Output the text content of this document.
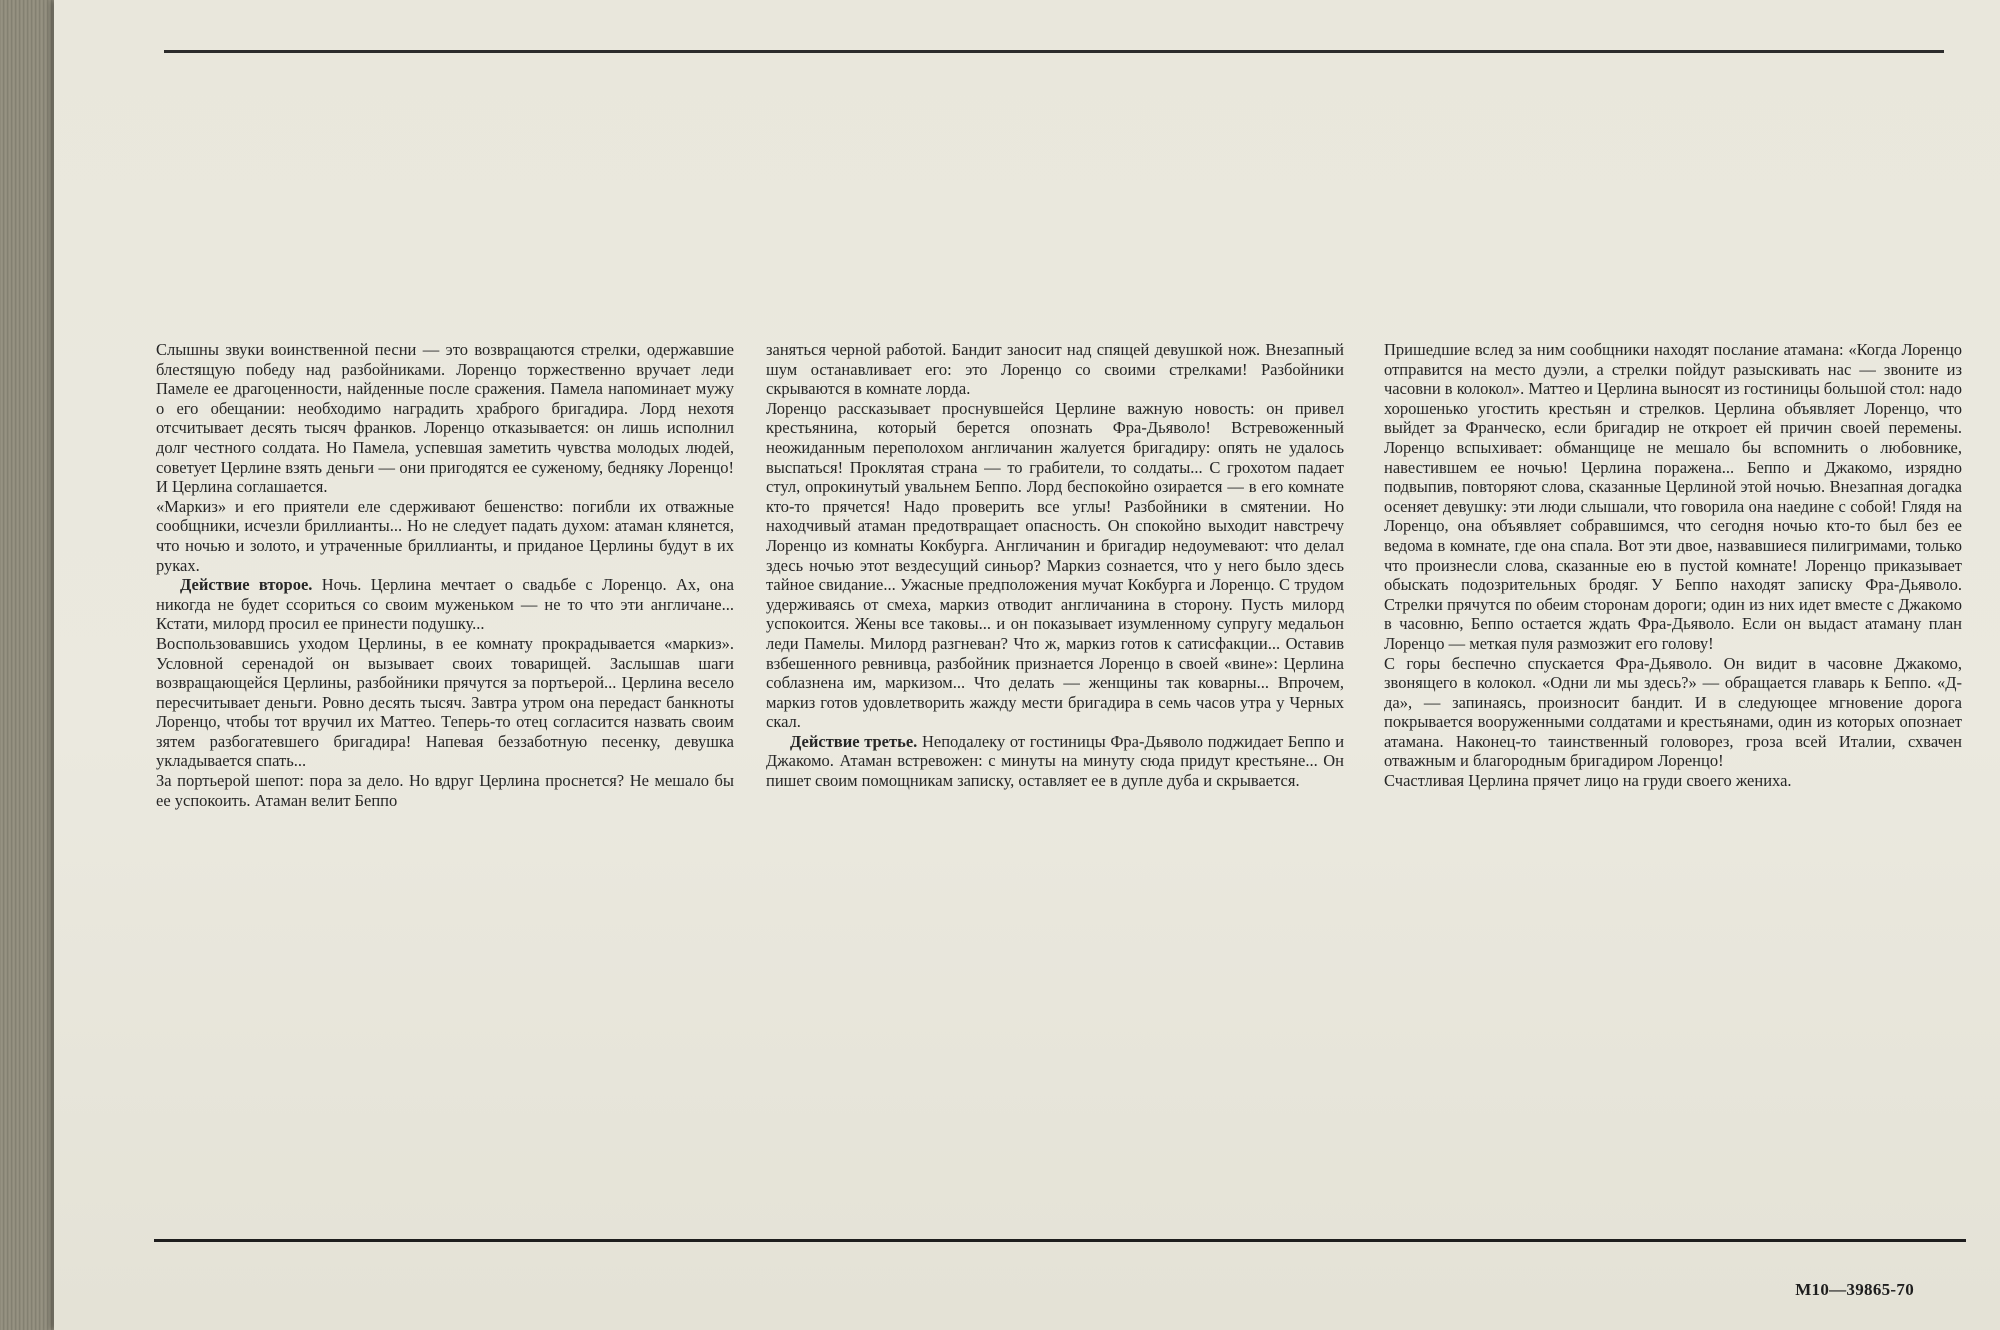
Слышны звуки воинственной песни — это возвращаются стрелки, одержавшие блестящую победу над разбойниками. Лоренцо торжественно вручает леди Памеле ее драгоценности, найденные после сражения. Памела напоминает мужу о его обещании: необходимо наградить храброго бригадира. Лорд нехотя отсчитывает десять тысяч франков. Лоренцо отказывается: он лишь исполнил долг честного солдата. Но Памела, успевшая заметить чувства молодых людей, советует Церлине взять деньги — они пригодятся ее суженому, бедняку Лоренцо! И Церлина соглашается.

«Маркиз» и его приятели еле сдерживают бешенство: погибли их отважные сообщники, исчезли бриллианты... Но не следует падать духом: атаман клянется, что ночью и золото, и утраченные бриллианты, и приданое Церлины будут в их руках.

Действие второе. Ночь. Церлина мечтает о свадьбе с Лоренцо. Ах, она никогда не будет ссориться со своим муженьком — не то что эти англичане... Кстати, милорд просил ее принести подушку...

Воспользовавшись уходом Церлины, в ее комнату прокрадывается «маркиз». Условной серенадой он вызывает своих товарищей. Заслышав шаги возвращающейся Церлины, разбойники прячутся за портьерой... Церлина весело пересчитывает деньги. Ровно десять тысяч. Завтра утром она передаст банкноты Лоренцо, чтобы тот вручил их Маттео. Теперь-то отец согласится назвать своим зятем разбогатевшего бригадира! Напевая беззаботную песенку, девушка укладывается спать...

За портьерой шепот: пора за дело. Но вдруг Церлина проснется? Не мешало бы ее успокоить. Атаман велит Беппо

заняться черной работой. Бандит заносит над спящей девушкой нож. Внезапный шум останавливает его: это Лоренцо со своими стрелками! Разбойники скрываются в комнате лорда.

Лоренцо рассказывает проснувшейся Церлине важную новость: он привел крестьянина, который берется опознать Фра-Дьяволо! Встревоженный неожиданным переполохом англичанин жалуется бригадиру: опять не удалось выспаться! Проклятая страна — то грабители, то солдаты... С грохотом падает стул, опрокинутый увальнем Беппо. Лорд беспокойно озирается — в его комнате кто-то прячется! Надо проверить все углы! Разбойники в смятении. Но находчивый атаман предотвращает опасность. Он спокойно выходит навстречу Лоренцо из комнаты Кокбурга. Англичанин и бригадир недоумевают: что делал здесь ночью этот вездесущий синьор? Маркиз сознается, что у него было здесь тайное свидание... Ужасные предположения мучат Кокбурга и Лоренцо. С трудом удерживаясь от смеха, маркиз отводит англичанина в сторону. Пусть милорд успокоится. Жены все таковы... и он показывает изумленному супругу медальон леди Памелы. Милорд разгневан? Что ж, маркиз готов к сатисфакции... Оставив взбешенного ревнивца, разбойник признается Лоренцо в своей «вине»: Церлина соблазнена им, маркизом... Что делать — женщины так коварны... Впрочем, маркиз готов удовлетворить жажду мести бригадира в семь часов утра у Черных скал.

Действие третье. Неподалеку от гостиницы Фра-Дьяволо поджидает Беппо и Джакомо. Атаман встревожен: с минуты на минуту сюда придут крестьяне... Он пишет своим помощникам записку, оставляет ее в дупле дуба и скрывается.

Пришедшие вслед за ним сообщники находят послание атамана: «Когда Лоренцо отправится на место дуэли, а стрелки пойдут разыскивать нас — звоните из часовни в колокол». Маттео и Церлина выносят из гостиницы большой стол: надо хорошенько угостить крестьян и стрелков. Церлина объявляет Лоренцо, что выйдет за Франческо, если бригадир не откроет ей причин своей перемены. Лоренцо вспыхивает: обманщице не мешало бы вспомнить о любовнике, навестившем ее ночью! Церлина поражена... Беппо и Джакомо, изрядно подвыпив, повторяют слова, сказанные Церлиной этой ночью. Внезапная догадка осеняет девушку: эти люди слышали, что говорила она наедине с собой! Глядя на Лоренцо, она объявляет собравшимся, что сегодня ночью кто-то был без ее ведома в комнате, где она спала. Вот эти двое, назвавшиеся пилигримами, только что произнесли слова, сказанные ею в пустой комнате! Лоренцо приказывает обыскать подозрительных бродяг. У Беппо находят записку Фра-Дьяволо. Стрелки прячутся по обеим сторонам дороги; один из них идет вместе с Джакомо в часовню, Беппо остается ждать Фра-Дьяволо. Если он выдаст атаману план Лоренцо — меткая пуля размозжит его голову!

С горы беспечно спускается Фра-Дьяволо. Он видит в часовне Джакомо, звонящего в колокол. «Одни ли мы здесь?» — обращается главарь к Беппо. «Д-да», — запинаясь, произносит бандит. И в следующее мгновение дорога покрывается вооруженными солдатами и крестьянами, один из которых опознает атамана. Наконец-то таинственный головорез, гроза всей Италии, схвачен отважным и благородным бригадиром Лоренцо!

Счастливая Церлина прячет лицо на груди своего жениха.

М10—39865-70
